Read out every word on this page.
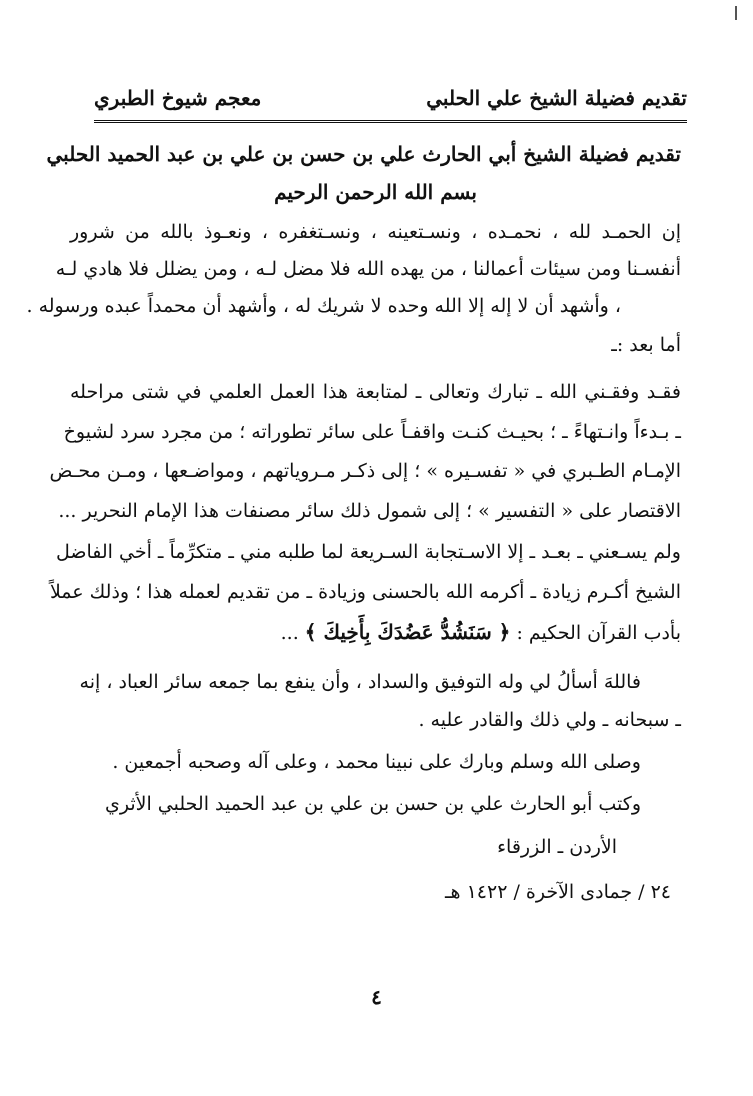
تقديم فضيلة الشيخ علي الحلبي
معجم شيوخ الطبري
تقديم فضيلة الشيخ أبي الحارث علي بن حسن بن علي بن عبد الحميد الحلبي
بسم الله الرحمن الرحيم
إن الحمـد لله ، نحمـده ، ونسـتعينه ، ونسـتغفره ، ونعـوذ بالله من شرور
أنفسـنا ومن سيئات أعمالنا ، من يهده الله فلا مضل لـه ، ومن يضلل فلا هادي لـه
، وأشهد أن لا إله إلا الله وحده لا شريك له ، وأشهد أن محمداً عبده ورسوله .
أما بعد :ـ
فقـد وفقـني الله ـ تبارك وتعالى ـ لمتابعة هذا العمل العلمي في شتى مراحله
ـ بـدءاً وانـتهاءً ـ ؛ بحيـث كنـت واقفـاً على سائر تطوراته ؛ من مجرد سرد لشيوخ
الإمـام الطـبري في « تفسـيره » ؛ إلى ذكـر مـروياتهم ، ومواضـعها ، ومـن محـض
الاقتصار على « التفسير » ؛ إلى شمول ذلك سائر مصنفات هذا الإمام النحرير ...
ولم يسـعني ـ بعـد ـ إلا الاسـتجابة السـريعة لما طلبه مني ـ متكرِّماً ـ أخي الفاضل
الشيخ أكـرم زيادة ـ أكرمه الله بالحسنى وزيادة ـ من تقديم لعمله هذا ؛ وذلك عملاً
بأدب القرآن الحكيم : ﴿ سَنَشُدُّ عَضُدَكَ بِأَخِيكَ ﴾ ...
فاللهَ أسألُ لي وله التوفيق والسداد ، وأن ينفع بما جمعه سائر العباد ، إنه
ـ سبحانه ـ ولي ذلك والقادر عليه .
وصلى الله وسلم وبارك على نبينا محمد ، وعلى آله وصحبه أجمعين .
وكتب أبو الحارث علي بن حسن بن علي بن عبد الحميد الحلبي الأثري
الأردن ـ الزرقاء
٢٤ / جمادى الآخرة / ١٤٢٢ هـ
٤
